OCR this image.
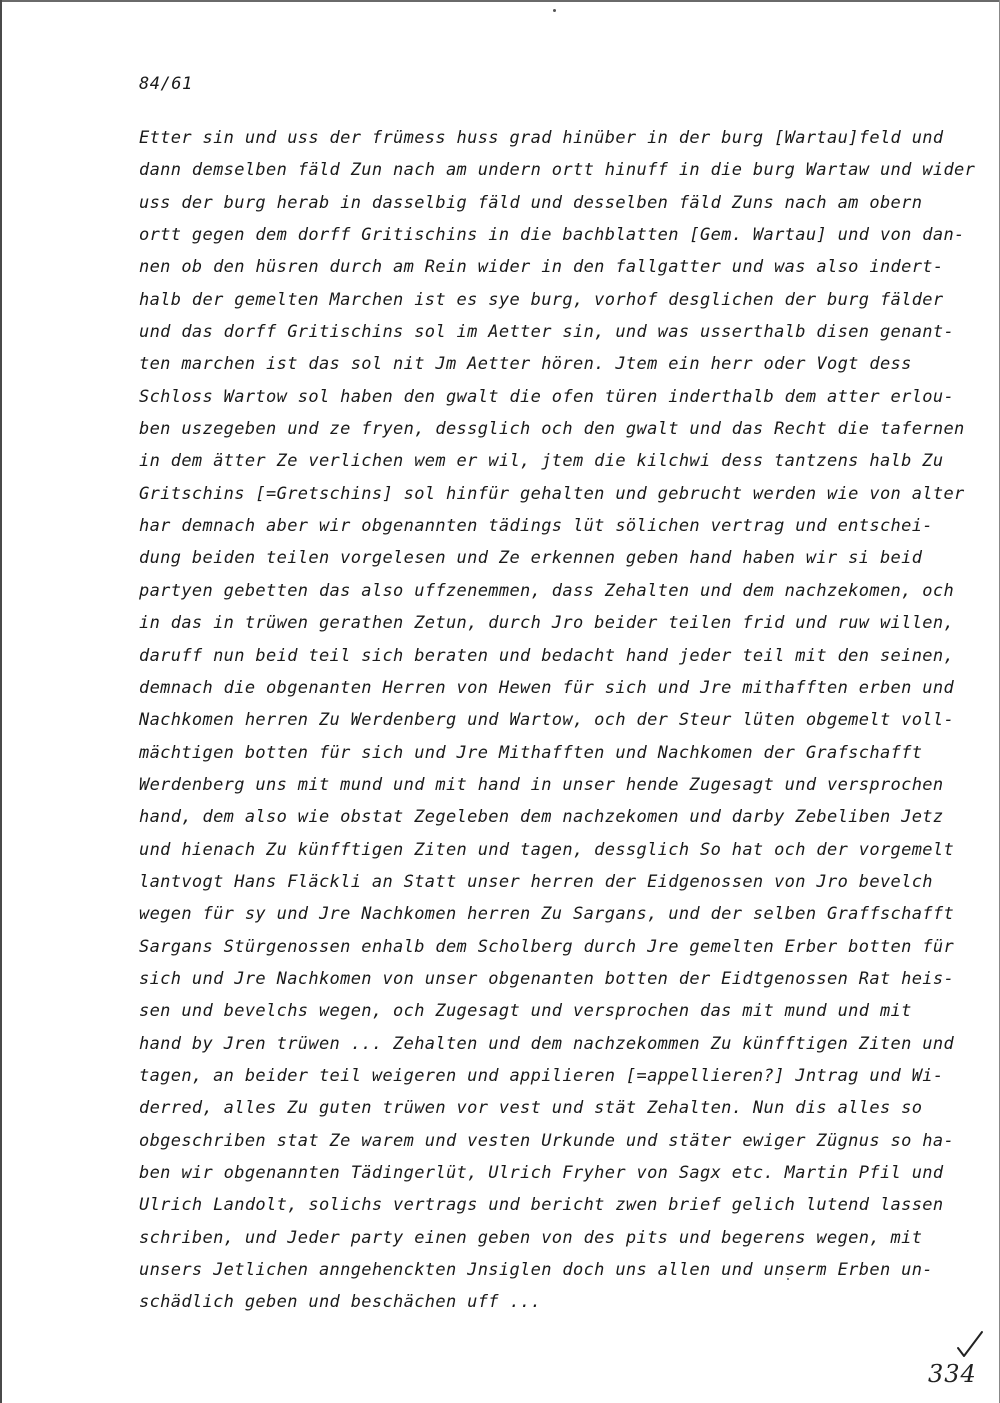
84/61
Etter sin und uss der frümess huss grad hinüber in der burg [Wartau]feld und
dann demselben fäld Zun nach am undern ortt hinuff in die burg Wartaw und wider
uss der burg herab in dasselbig fäld und desselben fäld Zuns nach am obern
ortt gegen dem dorff Gritischins in die bachblatten [Gem. Wartau] und von dan-
nen ob den hüsren durch am Rein wider in den fallgatter und was also indert-
halb der gemelten Marchen ist es sye burg, vorhof desglichen der burg fälder
und das dorff Gritischins sol im Aetter sin, und was usserthalb disen genant-
ten marchen ist das sol nit Jm Aetter hören. Jtem ein herr oder Vogt dess
Schloss Wartow sol haben den gwalt die ofen türen inderthalb dem atter erlou-
ben uszegeben und ze fryen, dessglich och den gwalt und das Recht die tafernen
in dem ätter Ze verlichen wem er wil, jtem die kilchwi dess tantzens halb Zu
Gritschins [=Gretschins] sol hinfür gehalten und gebrucht werden wie von alter
har demnach aber wir obgenannten tädings lüt sölichen vertrag und entschei-
dung beiden teilen vorgelesen und Ze erkennen geben hand haben wir si beid
partyen gebetten das also uffzenemmen, dass Zehalten und dem nachzekomen, och
in das in trüwen gerathen Zetun, durch Jro beider teilen frid und ruw willen,
daruff nun beid teil sich beraten und bedacht hand jeder teil mit den seinen,
demnach die obgenanten Herren von Hewen für sich und Jre mithafften erben und
Nachkomen herren Zu Werdenberg und Wartow, och der Steur lüten obgemelt voll-
mächtigen botten für sich und Jre Mithafften und Nachkomen der Grafschafft
Werdenberg uns mit mund und mit hand in unser hende Zugesagt und versprochen
hand, dem also wie obstat Zegeleben dem nachzekomen und darby Zebeliben Jetz
und hienach Zu künfftigen Ziten und tagen, dessglich So hat och der vorgemelt
lantvogt Hans Fläckli an Statt unser herren der Eidgenossen von Jro bevelch
wegen für sy und Jre Nachkomen herren Zu Sargans, und der selben Graffschafft
Sargans Stürgenossen enhalb dem Scholberg durch Jre gemelten Erber botten für
sich und Jre Nachkomen von unser obgenanten botten der Eidtgenossen Rat heis-
sen und bevelchs wegen, och Zugesagt und versprochen das mit mund und mit
hand by Jren trüwen ... Zehalten und dem nachzekommen Zu künfftigen Ziten und
tagen, an beider teil weigeren und appilieren [=appellieren?] Jntrag und Wi-
derred, alles Zu guten trüwen vor vest und stät Zehalten. Nun dis alles so
obgeschriben stat Ze warem und vesten Urkunde und stäter ewiger Zügnus so ha-
ben wir obgenannten Tädingerlüt, Ulrich Fryher von Sagx etc. Martin Pfil und
Ulrich Landolt, solichs vertrags und bericht zwen brief gelich lutend lassen
schriben, und Jeder party einen geben von des pits und begerens wegen, mit
unsers Jetlichen anngehenckten Jnsiglen doch uns allen und unserm Erben un-
schädlich geben und beschächen uff ...
334
